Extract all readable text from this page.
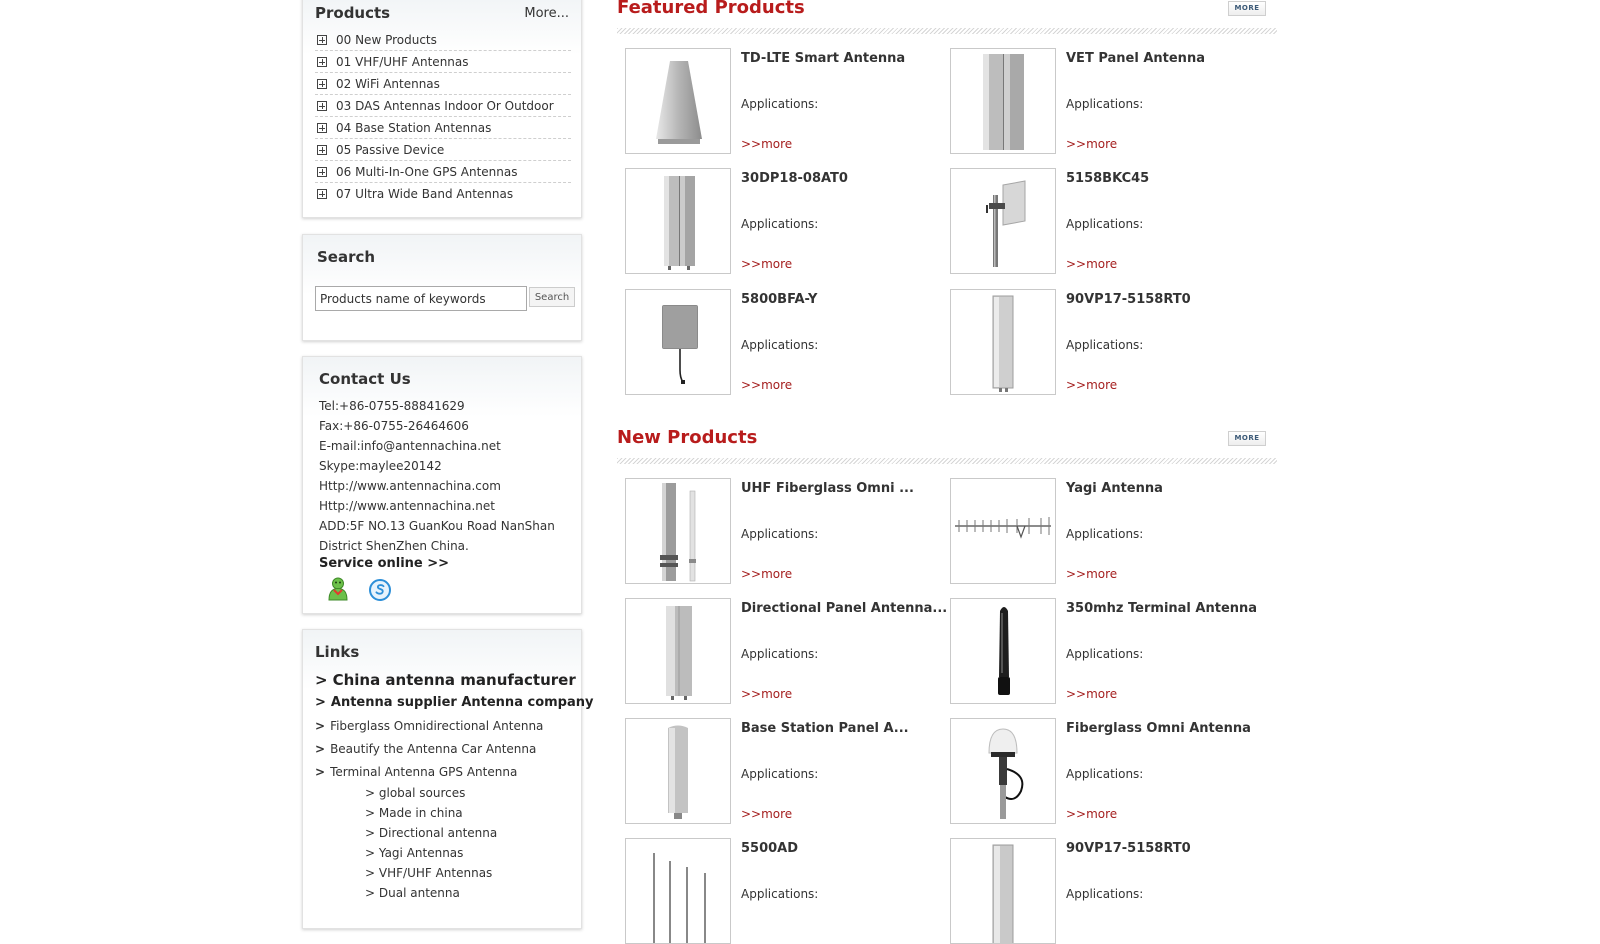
Products	More...
00 New Products
01 VHF/UHF Antennas
02 WiFi Antennas
03 DAS Antennas Indoor Or Outdoor
04 Base Station Antennas
05 Passive Device
06 Multi-In-One GPS Antennas
07 Ultra Wide Band Antennas
Search
Products name of keywords
Search
Contact Us
Tel:+86-0755-88841629
Fax:+86-0755-26464606
E-mail:info@antennachina.net
Skype:maylee20142
Http://www.antennachina.com
Http://www.antennachina.net
ADD:5F NO.13 GuanKou Road NanShan
District ShenZhen China.
Service online >>
Links
> China antenna manufacturer
> Antenna supplier Antenna company
> Fiberglass Omnidirectional Antenna
> Beautify the Antenna Car Antenna
> Terminal Antenna GPS Antenna
> global sources
> Made in china
> Directional antenna
> Yagi Antennas
> VHF/UHF Antennas
> Dual antenna
Featured Products	MORE
TD-LTE Smart Antenna
Applications:
>>more
VET Panel Antenna
Applications:
>>more
30DP18-08AT0
Applications:
>>more
5158BKC45
Applications:
>>more
5800BFA-Y
Applications:
>>more
90VP17-5158RT0
Applications:
>>more
New Products	MORE
UHF Fiberglass Omni ...
Applications:
>>more
Yagi Antenna
Applications:
>>more
Directional Panel Antenna...
Applications:
>>more
350mhz Terminal Antenna
Applications:
>>more
Base Station Panel A...
Applications:
>>more
Fiberglass Omni Antenna
Applications:
>>more
5500AD
Applications:
90VP17-5158RT0
Applications:
